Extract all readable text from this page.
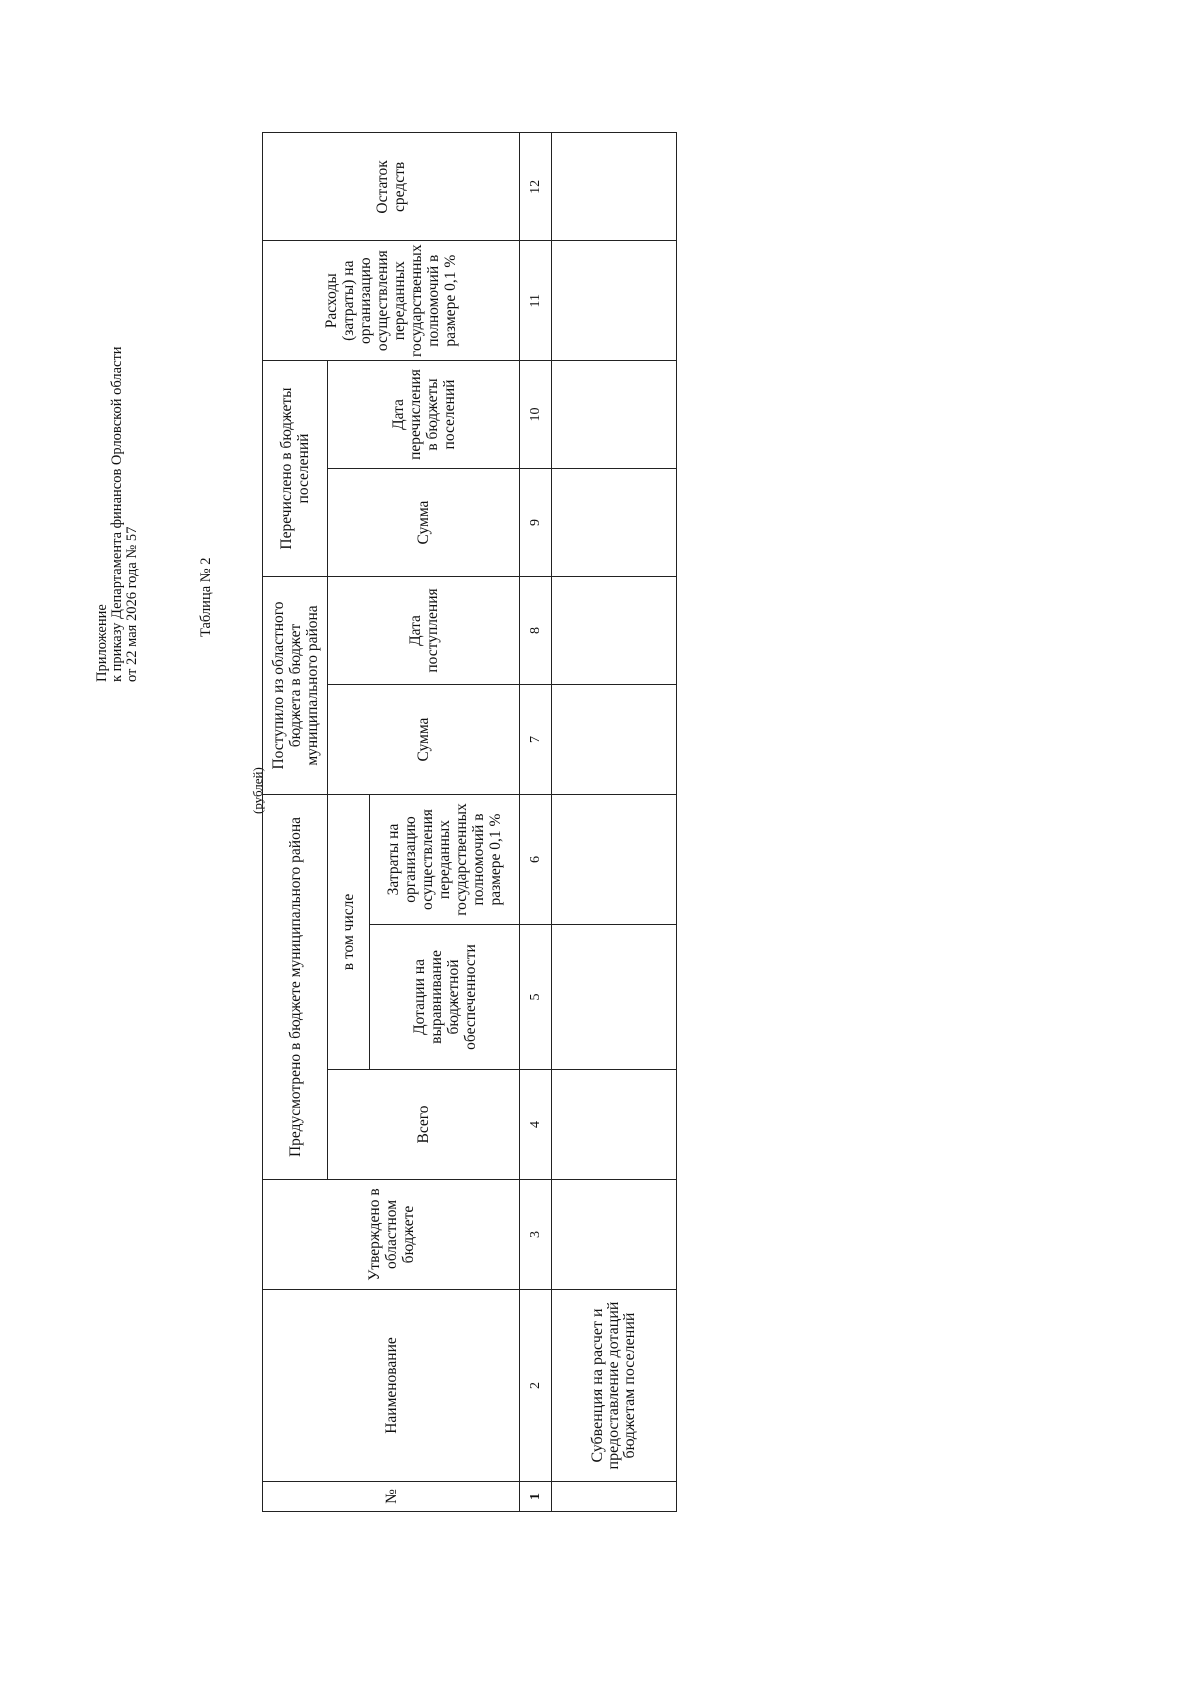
Приложение к приказу Департамента финансов Орловской области от 22 мая 2026 года № 57	Таблица № 2
(рублей)
№	Наименование	Утверждено в областном бюджете	Предусмотрено в бюджете муниципального района			Поступило из областного бюджета в бюджет муниципального района		Перечислено в бюджеты поселений		Расходы (затраты) на организацию осуществления переданных государственных полномочий в размере 0,1 %	Остаток средств
			Всего	в том числе		Сумма	Дата поступления	Сумма	Дата перечисления в бюджеты поселений		
				Дотации на выравнивание бюджетной обеспеченности	Затраты на организацию осуществления переданных государственных полномочий в размере 0,1 %						
1	2	3	4	5	6	7	8	9	10	11	12
	Субвенция на расчет и предоставление дотаций бюджетам поселений										
